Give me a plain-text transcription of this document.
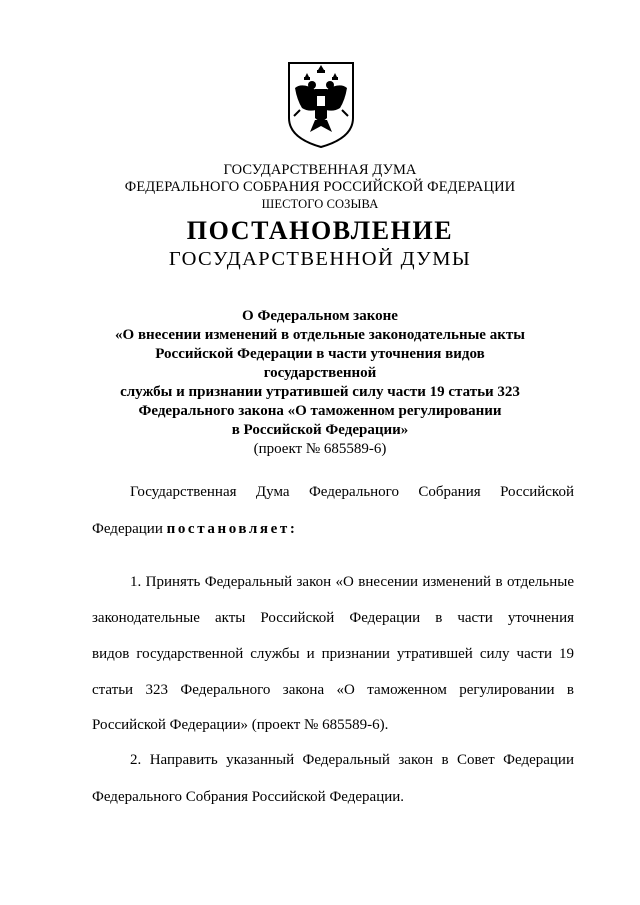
ГОСУДАРСТВЕННАЯ ДУМА
ФЕДЕРАЛЬНОГО СОБРАНИЯ РОССИЙСКОЙ ФЕДЕРАЦИИ
ШЕСТОГО СОЗЫВА
ПОСТАНОВЛЕНИЕ
ГОСУДАРСТВЕННОЙ ДУМЫ
О Федеральном законе
«О внесении изменений в отдельные законодательные акты
Российской Федерации в части уточнения видов государственной
службы и признании утратившей силу части 19 статьи 323
Федерального закона «О таможенном регулировании
в Российской Федерации»
(проект № 685589-6)
Государственная Дума Федерального Собрания Российской
Федерации постановляет:
1. Принять Федеральный закон «О внесении изменений в отдельные
законодательные акты Российской Федерации в части уточнения
видов государственной службы и признании утратившей силу части 19
статьи 323 Федерального закона «О таможенном регулировании в
Российской Федерации» (проект № 685589-6).
2. Направить указанный Федеральный закон в Совет Федерации
Федерального Собрания Российской Федерации.
